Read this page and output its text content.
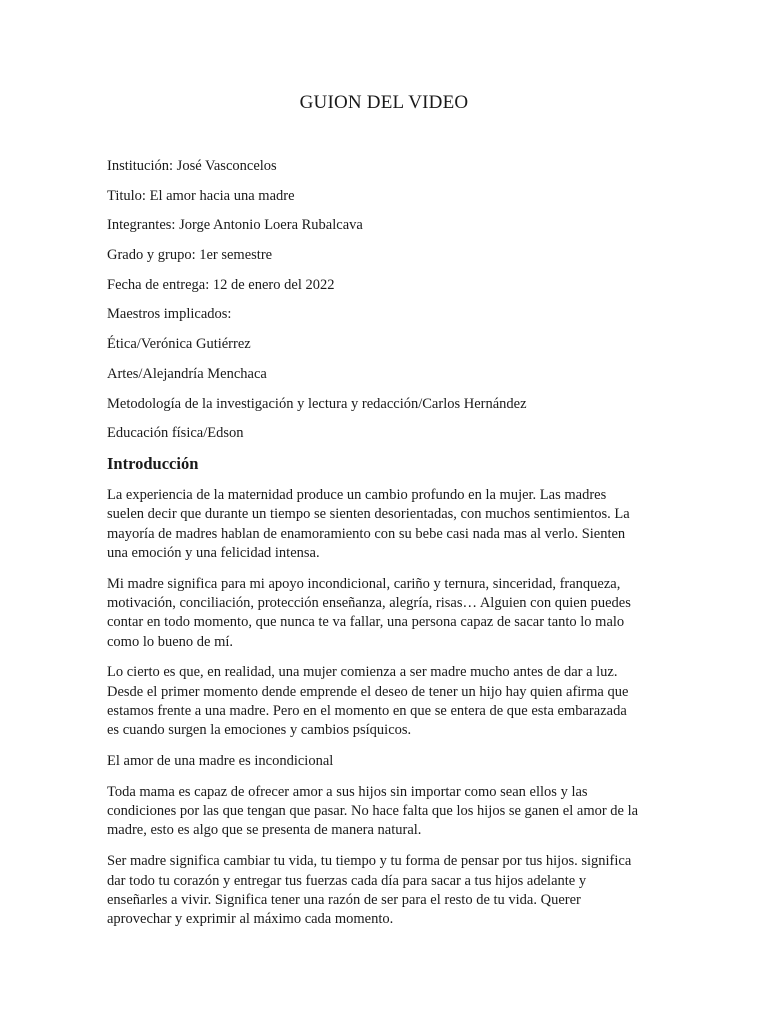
GUION DEL VIDEO
Institución: José Vasconcelos
Titulo: El amor hacia una madre
Integrantes: Jorge Antonio Loera Rubalcava
Grado y grupo: 1er semestre
Fecha de entrega: 12 de enero del 2022
Maestros implicados:
Ética/Verónica Gutiérrez
Artes/Alejandría Menchaca
Metodología de la investigación y lectura y redacción/Carlos Hernández
Educación física/Edson
Introducción

La experiencia de la maternidad produce un cambio profundo en la mujer. Las madres
suelen decir que durante un tiempo se sienten desorientadas, con muchos sentimientos. La
mayoría de madres hablan de enamoramiento con su bebe casi nada mas al verlo. Sienten
una emoción y una felicidad intensa.

Mi madre significa para mi apoyo incondicional, cariño y ternura, sinceridad, franqueza,
motivación, conciliación, protección enseñanza, alegría, risas… Alguien con quien puedes
contar en todo momento, que nunca te va fallar, una persona capaz de sacar tanto lo malo
como lo bueno de mí.

Lo cierto es que, en realidad, una mujer comienza a ser madre mucho antes de dar a luz.
Desde el primer momento dende emprende el deseo de tener un hijo hay quien afirma que
estamos frente a una madre. Pero en el momento en que se entera de que esta embarazada
es cuando surgen la emociones y cambios psíquicos.

El amor de una madre es incondicional

Toda mama es capaz de ofrecer amor a sus hijos sin importar como sean ellos y las
condiciones por las que tengan que pasar. No hace falta que los hijos se ganen el amor de la
madre, esto es algo que se presenta de manera natural.

Ser madre significa cambiar tu vida, tu tiempo y tu forma de pensar por tus hijos. significa
dar todo tu corazón y entregar tus fuerzas cada día para sacar a tus hijos adelante y
enseñarles a vivir. Significa tener una razón de ser para el resto de tu vida. Querer
aprovechar y exprimir al máximo cada momento.
